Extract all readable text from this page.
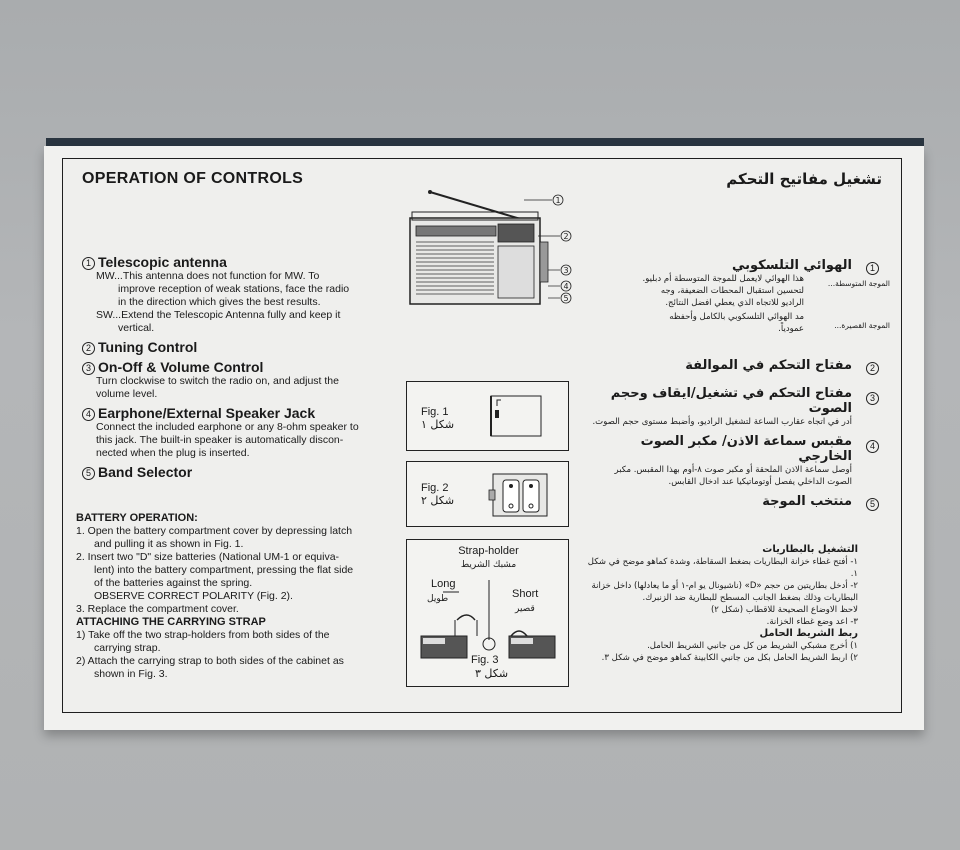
OPERATION OF CONTROLS	تشغيل مفاتيح التحكم
1 Telescopic antenna
MW...This antenna does not function for MW. To
improve reception of weak stations, face the radio
in the direction which gives the best results.
SW...Extend the Telescopic Antenna fully and keep it
vertical.
2 Tuning Control
3 On-Off & Volume Control
Turn clockwise to switch the radio on, and adjust the
volume level.
4 Earphone/External Speaker Jack
Connect the included earphone or any 8-ohm speaker to
this jack. The built-in speaker is automatically discon-
nected when the plug is inserted.
5 Band Selector
BATTERY OPERATION:
1. Open the battery compartment cover by depressing latch
and pulling it as shown in Fig. 1.
2. Insert two "D" size batteries (National UM-1 or equiva-
lent) into the battery compartment, pressing the flat side
of the batteries against the spring.
OBSERVE CORRECT POLARITY (Fig. 2).
3. Replace the compartment cover.
ATTACHING THE CARRYING STRAP
1) Take off the two strap-holders from both sides of the
carrying strap.
2) Attach the carrying strap to both sides of the cabinet as
shown in Fig. 3.
1
2
3
4
5
Fig. 1
شكل ١
Fig. 2
شكل ٢
Strap-holder
مشبك الشريط
Long
طويل	Short
قصير
Fig. 3
شكل ٣
الهوائي التلسكوبي
هذا الهوائي لايعمل للموجة المتوسطة أم دبليو.
لتحسين استقبال المحطات الضعيفة، وجه
الراديو للاتجاه الذي يعطي افضل النتائج.
مد الهوائي التلسكوبي بالكامل وأحفظه
عمودياً.
الموجة المتوسطة...
الموجة القصيرة...
مفتاح التحكم في الموالفة
مفتاح التحكم في تشغيل/ايقاف وحجم الصوت
أدر في اتجاه عقارب الساعة لتشغيل الراديو، وأضبط مستوى حجم الصوت.
مقبس سماعة الاذن/ مكبر الصوت الخارجي
أوصل سماعة الاذن الملحقة أو مكبر صوت ٨-أوم بهذا المقبس. مكبر
الصوت الداخلي يفصل أوتوماتيكيا عند ادخال القابس.
منتخب الموجة
1
2
3
4
5
التشغيل بالبطاريات
١- أفتح غطاء خزانة البطاريات بضغط السقاطة، وشدة كماهو موضح في شكل ١.
٢- أدخل بطاريتين من حجم «D» (ناشيونال يو ام-١ أو ما يعادلها) داخل خزانة
البطاريات وذلك بضغط الجانب المسطح للبطارية ضد الزنبرك.
لاحظ الاوضاع الصحيحة للاقطاب (شكل ٢)
٣- اعد وضع غطاء الخزانة.
ربط الشريط الحامل
١) أخرج مشبكي الشريط من كل من جانبي الشريط الحامل.
٢) اربط الشريط الحامل بكل من جانبي الكابينة كماهو موضح في شكل ٣.
